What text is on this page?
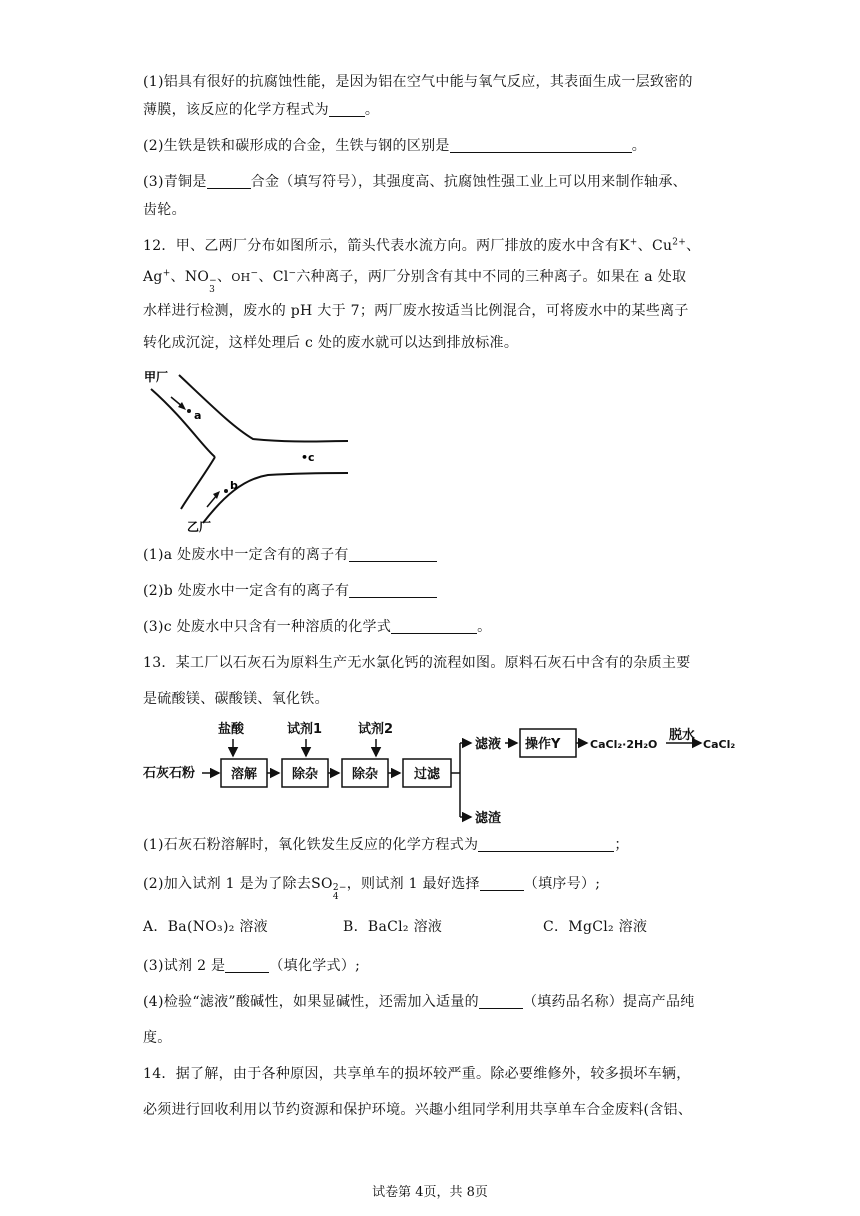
(1)铝具有很好的抗腐蚀性能，是因为铝在空气中能与氧气反应，其表面生成一层致密的

薄膜，该反应的化学方程式为	。

(2)生铁是铁和碳形成的合金，生铁与钢的区别是	。

(3)青铜是	合金（填写符号），其强度高、抗腐蚀性强工业上可以用来制作轴承、

齿轮。

12．甲、乙两厂分布如图所示，箭头代表水流方向。两厂排放的废水中含有K+、$Cu^{2+}$、

Ag+、NO −
3
、OH−、Cl−六种离子，两厂分别含有其中不同的三种离子。如果在 a 处取

水样进行检测，废水的 pH 大于 7；两厂废水按适当比例混合，可将废水中的某些离子

转化成沉淀，这样处理后 c 处的废水就可以达到排放标准。

甲厂
a
b
•c
乙厂

(1)a 处废水中一定含有的离子有

(2)b 处废水中一定含有的离子有

(3)c 处废水中只含有一种溶质的化学式	。

13．某工厂以石灰石为原料生产无水氯化钙的流程如图。原料石灰石中含有的杂质主要

是硫酸镁、碳酸镁、氧化铁。

石灰石粉
盐酸	试剂1	试剂2
溶解	除杂	除杂	过滤
滤液 操作Y	CaCl₂·2H₂O
脱水
CaCl₂
滤渣

(1)石灰石粉溶解时，氧化铁发生反应的化学方程式为	；

(2)加入试剂 1 是为了除去SO 2−
4
，则试剂 1 最好选择	（填序号）;

A．Ba(NO₃)₂ 溶液	B．BaCl₂ 溶液	C．MgCl₂ 溶液

(3)试剂 2 是	（填化学式）;

(4)检验“滤液”酸碱性，如果显碱性，还需加入适量的	（填药品名称）提高产品纯

度。

14．据了解，由于各种原因，共享单车的损坏较严重。除必要维修外，较多损坏车辆，

必须进行回收利用以节约资源和保护环境。兴趣小组同学利用共享单车合金废料(含铝、

试卷第 4页，共 8页
